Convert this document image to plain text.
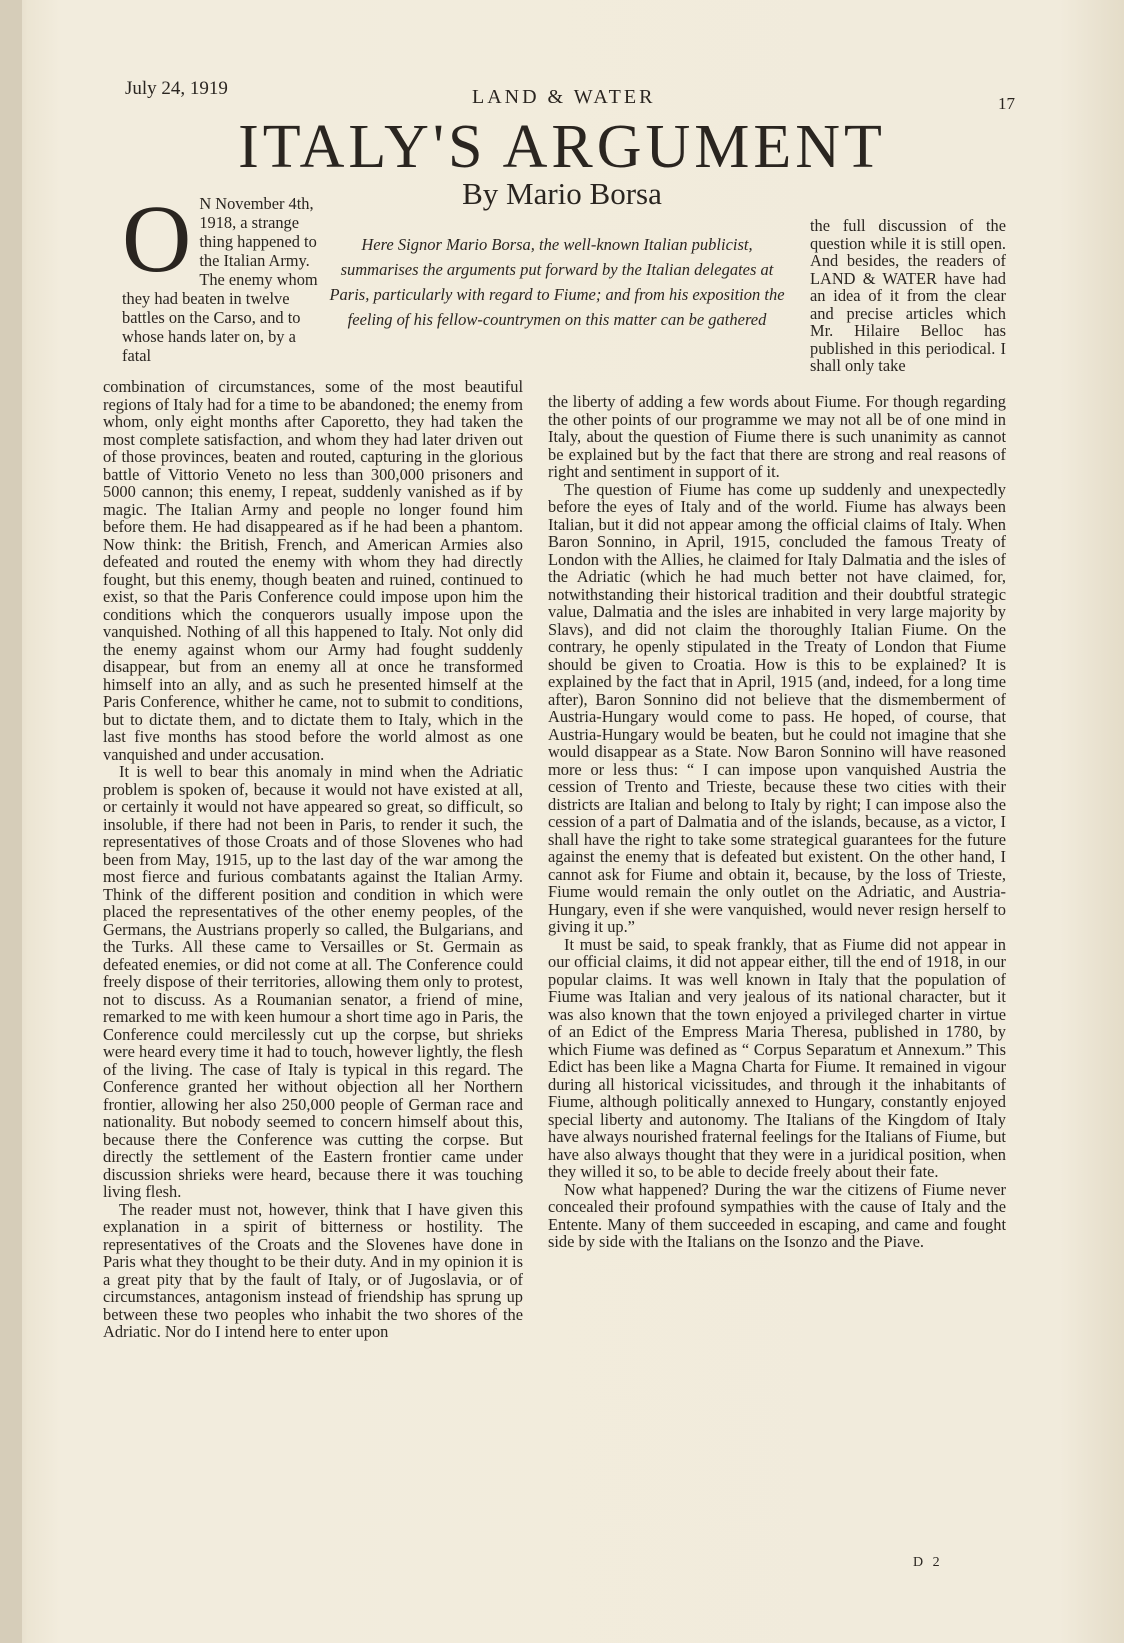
July 24, 1919	LAND & WATER	17
ITALY'S ARGUMENT
By Mario Borsa
Here Signor Mario Borsa, the well-known Italian publicist, summarises the arguments put forward by the Italian delegates at Paris, particularly with regard to Fiume; and from his exposition the feeling of his fellow-countrymen on this matter can be gathered
O N November 4th, 1918, a strange thing happened to the Italian Army. The enemy whom they had beaten in twelve battles on the Carso, and to whose hands later on, by a fatal

combination of circumstances, some of the most beautiful regions of Italy had for a time to be abandoned; the enemy from whom, only eight months after Caporetto, they had taken the most complete satisfaction, and whom they had later driven out of those provinces, beaten and routed, capturing in the glorious battle of Vittorio Veneto no less than 300,000 prisoners and 5000 cannon; this enemy, I repeat, suddenly vanished as if by magic. The Italian Army and people no longer found him before them. He had disappeared as if he had been a phantom. Now think: the British, French, and American Armies also defeated and routed the enemy with whom they had directly fought, but this enemy, though beaten and ruined, continued to exist, so that the Paris Conference could impose upon him the conditions which the conquerors usually impose upon the vanquished. Nothing of all this happened to Italy. Not only did the enemy against whom our Army had fought suddenly disappear, but from an enemy all at once he transformed himself into an ally, and as such he presented himself at the Paris Conference, whither he came, not to submit to conditions, but to dictate them, and to dictate them to Italy, which in the last five months has stood before the world almost as one vanquished and under accusation.

It is well to bear this anomaly in mind when the Adriatic problem is spoken of, because it would not have existed at all, or certainly it would not have appeared so great, so difficult, so insoluble, if there had not been in Paris, to render it such, the representatives of those Croats and of those Slovenes who had been from May, 1915, up to the last day of the war among the most fierce and furious combatants against the Italian Army. Think of the different position and condition in which were placed the representatives of the other enemy peoples, of the Germans, the Austrians properly so called, the Bulgarians, and the Turks. All these came to Versailles or St. Germain as defeated enemies, or did not come at all. The Conference could freely dispose of their territories, allowing them only to protest, not to discuss. As a Roumanian senator, a friend of mine, remarked to me with keen humour a short time ago in Paris, the Conference could mercilessly cut up the corpse, but shrieks were heard every time it had to touch, however lightly, the flesh of the living. The case of Italy is typical in this regard. The Conference granted her without objection all her Northern frontier, allowing her also 250,000 people of German race and nationality. But nobody seemed to concern himself about this, because there the Conference was cutting the corpse. But directly the settlement of the Eastern frontier came under discussion shrieks were heard, because there it was touching living flesh.

The reader must not, however, think that I have given this explanation in a spirit of bitterness or hostility. The representatives of the Croats and the Slovenes have done in Paris what they thought to be their duty. And in my opinion it is a great pity that by the fault of Italy, or of Jugoslavia, or of circumstances, antagonism instead of friendship has sprung up between these two peoples who inhabit the two shores of the Adriatic. Nor do I intend here to enter upon

the full discussion of the question while it is still open. And besides, the readers of LAND & WATER have had an idea of it from the clear and precise articles which Mr. Hilaire Belloc has published in this periodical. I shall only take

the liberty of adding a few words about Fiume. For though regarding the other points of our programme we may not all be of one mind in Italy, about the question of Fiume there is such unanimity as cannot be explained but by the fact that there are strong and real reasons of right and sentiment in support of it.

The question of Fiume has come up suddenly and unexpectedly before the eyes of Italy and of the world. Fiume has always been Italian, but it did not appear among the official claims of Italy. When Baron Sonnino, in April, 1915, concluded the famous Treaty of London with the Allies, he claimed for Italy Dalmatia and the isles of the Adriatic (which he had much better not have claimed, for, notwithstanding their historical tradition and their doubtful strategic value, Dalmatia and the isles are inhabited in very large majority by Slavs), and did not claim the thoroughly Italian Fiume. On the contrary, he openly stipulated in the Treaty of London that Fiume should be given to Croatia. How is this to be explained? It is explained by the fact that in April, 1915 (and, indeed, for a long time after), Baron Sonnino did not believe that the dismemberment of Austria-Hungary would come to pass. He hoped, of course, that Austria-Hungary would be beaten, but he could not imagine that she would disappear as a State. Now Baron Sonnino will have reasoned more or less thus: “ I can impose upon vanquished Austria the cession of Trento and Trieste, because these two cities with their districts are Italian and belong to Italy by right; I can impose also the cession of a part of Dalmatia and of the islands, because, as a victor, I shall have the right to take some strategical guarantees for the future against the enemy that is defeated but existent. On the other hand, I cannot ask for Fiume and obtain it, because, by the loss of Trieste, Fiume would remain the only outlet on the Adriatic, and Austria-Hungary, even if she were vanquished, would never resign herself to giving it up.”

It must be said, to speak frankly, that as Fiume did not appear in our official claims, it did not appear either, till the end of 1918, in our popular claims. It was well known in Italy that the population of Fiume was Italian and very jealous of its national character, but it was also known that the town enjoyed a privileged charter in virtue of an Edict of the Empress Maria Theresa, published in 1780, by which Fiume was defined as “ Corpus Separatum et Annexum.” This Edict has been like a Magna Charta for Fiume. It remained in vigour during all historical vicissitudes, and through it the inhabitants of Fiume, although politically annexed to Hungary, constantly enjoyed special liberty and autonomy. The Italians of the Kingdom of Italy have always nourished fraternal feelings for the Italians of Fiume, but have also always thought that they were in a juridical position, when they willed it so, to be able to decide freely about their fate.

Now what happened? During the war the citizens of Fiume never concealed their profound sympathies with the cause of Italy and the Entente. Many of them succeeded in escaping, and came and fought side by side with the Italians on the Isonzo and the Piave.

D 2
